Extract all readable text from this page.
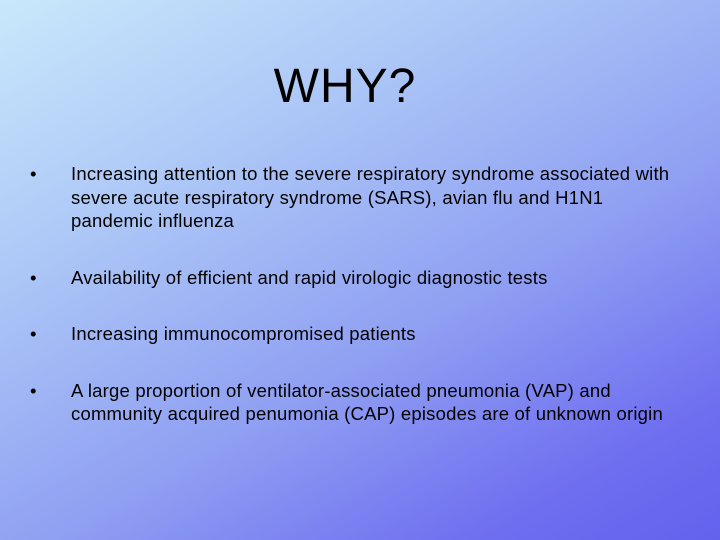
WHY?
•	Increasing attention to the severe respiratory syndrome associated with severe acute respiratory syndrome (SARS), avian flu and H1N1 pandemic influenza
•	Availability of efficient and rapid virologic diagnostic tests
•	Increasing immunocompromised patients
•	A large proportion of ventilator-associated pneumonia (VAP) and community acquired penumonia (CAP) episodes are of unknown origin
